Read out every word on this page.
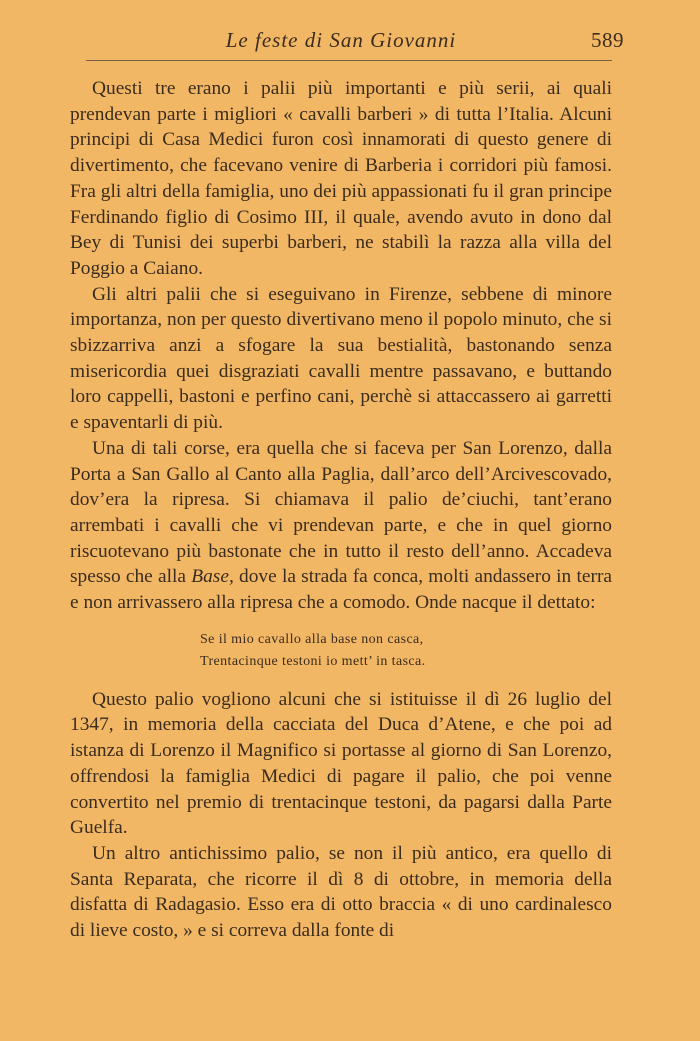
Le feste di San Giovanni	589

Questi tre erano i palii più importanti e più serii, ai quali prendevan parte i migliori « cavalli barberi » di tutta l’Italia. Alcuni principi di Casa Medici furon così innamorati di questo genere di divertimento, che facevano venire di Barberia i corridori più famosi. Fra gli altri della famiglia, uno dei più appassionati fu il gran principe Ferdinando figlio di Cosimo III, il quale, avendo avuto in dono dal Bey di Tunisi dei superbi barberi, ne stabilì la razza alla villa del Poggio a Caiano.

Gli altri palii che si eseguivano in Firenze, sebbene di minore importanza, non per questo divertivano meno il popolo minuto, che si sbizzarriva anzi a sfogare la sua bestialità, bastonando senza misericordia quei disgraziati cavalli mentre passavano, e buttando loro cappelli, bastoni e perfino cani, perchè si attaccassero ai garretti e spaventarli di più.

Una di tali corse, era quella che si faceva per San Lorenzo, dalla Porta a San Gallo al Canto alla Paglia, dall’arco dell’Arcivescovado, dov’era la ripresa. Si chiamava il palio de’ciuchi, tant’erano arrembati i cavalli che vi prendevan parte, e che in quel giorno riscuotevano più bastonate che in tutto il resto dell’anno. Accadeva spesso che alla Base, dove la strada fa conca, molti andassero in terra e non arrivassero alla ripresa che a comodo. Onde nacque il dettato:

Se il mio cavallo alla base non casca,
Trentacinque testoni io mett’ in tasca.

Questo palio vogliono alcuni che si istituisse il dì 26 luglio del 1347, in memoria della cacciata del Duca d’Atene, e che poi ad istanza di Lorenzo il Magnifico si portasse al giorno di San Lorenzo, offrendosi la famiglia Medici di pagare il palio, che poi venne convertito nel premio di trentacinque testoni, da pagarsi dalla Parte Guelfa.

Un altro antichissimo palio, se non il più antico, era quello di Santa Reparata, che ricorre il dì 8 di ottobre, in memoria della disfatta di Radagasio. Esso era di otto braccia « di uno cardinalesco di lieve costo, » e si correva dalla fonte di
